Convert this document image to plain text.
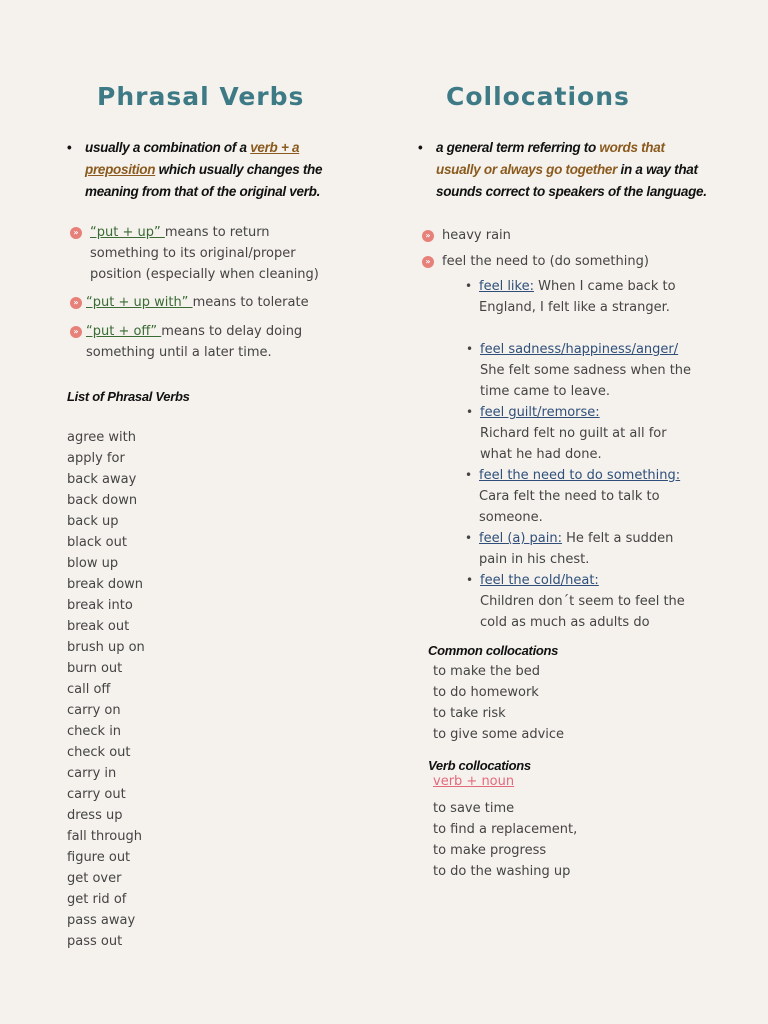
Phrasal Verbs
• usually a combination of a verb + a
preposition which usually changes the
meaning from that of the original verb.
» “put + up” means to return
something to its original/proper
position (especially when cleaning)
» “put + up with” means to tolerate
» “put + off” means to delay doing
something until a later time.
List of Phrasal Verbs
agree with
apply for
back away
back down
back up
black out
blow up
break down
break into
break out
brush up on
burn out
call off
carry on
check in
check out
carry in
carry out
dress up
fall through
figure out
get over
get rid of
pass away
pass out
Collocations
• a general term referring to words that
usually or always go together in a way that
sounds correct to speakers of the language.
» heavy rain
» feel the need to (do something)
• feel like: When I came back to
England, I felt like a stranger.
• feel sadness/happiness/anger/
She felt some sadness when the
time came to leave.
• feel guilt/remorse:
Richard felt no guilt at all for
what he had done.
• feel the need to do something:
Cara felt the need to talk to
someone.
• feel (a) pain: He felt a sudden
pain in his chest.
• feel the cold/heat:
Children don´t seem to feel the
cold as much as adults do
Common collocations
to make the bed
to do homework
to take risk
to give some advice
Verb collocations
verb + noun
to save time
to find a replacement,
to make progress
to do the washing up
